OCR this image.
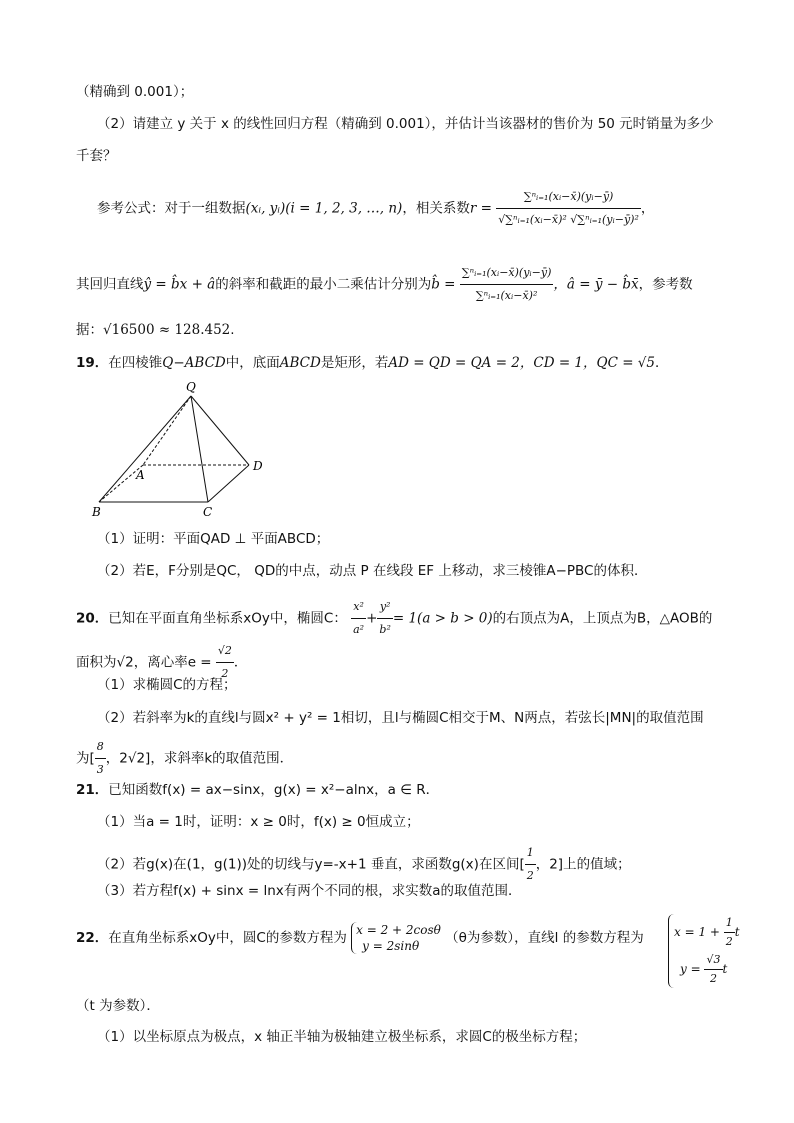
（精确到 0.001）；
（2）请建立 y 关于 x 的线性回归方程（精确到 0.001），并估计当该器材的售价为 50 元时销量为多少
千套？
参考公式：对于一组数据(xᵢ, yᵢ)(i = 1, 2, 3, …, n)，相关系数$r = \frac{\text{∑ⁿᵢ₌₁(xᵢ−x̄)(yᵢ−ȳ)}}{\text{√∑ⁿᵢ₌₁(xᵢ−x̄)² √∑ⁿᵢ₌₁(yᵢ−ȳ)²}}$ ，
其回归直线ŷ = b̂x + â的斜率和截距的最小二乘估计分别为b̂ = $\frac{\text{∑ⁿᵢ₌₁(xᵢ−x̄)(yᵢ−ȳ)}}{\text{∑ⁿᵢ₌₁(xᵢ−x̄)²}}$ ，â = ȳ − b̂x̄，参考数
据：√16500 ≈ 128.452.
19．在四棱锥Q−ABCD中，底面ABCD是矩形，若AD = QD = QA = 2，CD = 1，QC = √5．
Q
A
B	C
D
（1）证明：平面QAD ⊥ 平面ABCD；
（2）若E，F分别是QC， QD的中点，动点 P 在线段 EF 上移动，求三棱锥A−PBC的体积．
20．已知在平面直角坐标系xOy中，椭圆C： $\frac{\text{x²}}{\text{a²}} + \frac{\text{y²}}{\text{b²}} = 1(a > b > 0)$的右顶点为A，上顶点为B，△AOB的
面积为√2，离心率$e = \frac{√2}{2}$ ．
（1）求椭圆C的方程；
（2）若斜率为k的直线l与圆x² + y² = 1相切，且l与椭圆C相交于M、N两点，若弦长|MN|的取值范围
为[ $\frac{8}{3}$ ，2√2]，求斜率k的取值范围．
21．已知函数f(x) = ax−sinx，g(x) = x²−alnx，a ∈ R．
（1）当a = 1时，证明：x ≥ 0时，f(x) ≥ 0恒成立；
（2）若g(x)在(1，g(1))处的切线与y=-x+1 垂直，求函数g(x)在区间[ $\frac{1}{2}$ ，2]上的值域；
（3）若方程f(x) + sinx = lnx有两个不同的根，求实数a的取值范围．
22．在直角坐标系xOy中，圆C的参数方程为 x = 2 + 2cosθ
y = 2sinθ	（θ为参数），直线l 的参数方程为	$x = 1 + \frac{1}{2}$ t
$y = \frac{√3}{2}$ t
（t 为参数）．
（1）以坐标原点为极点，x 轴正半轴为极轴建立极坐标系，求圆C的极坐标方程；
